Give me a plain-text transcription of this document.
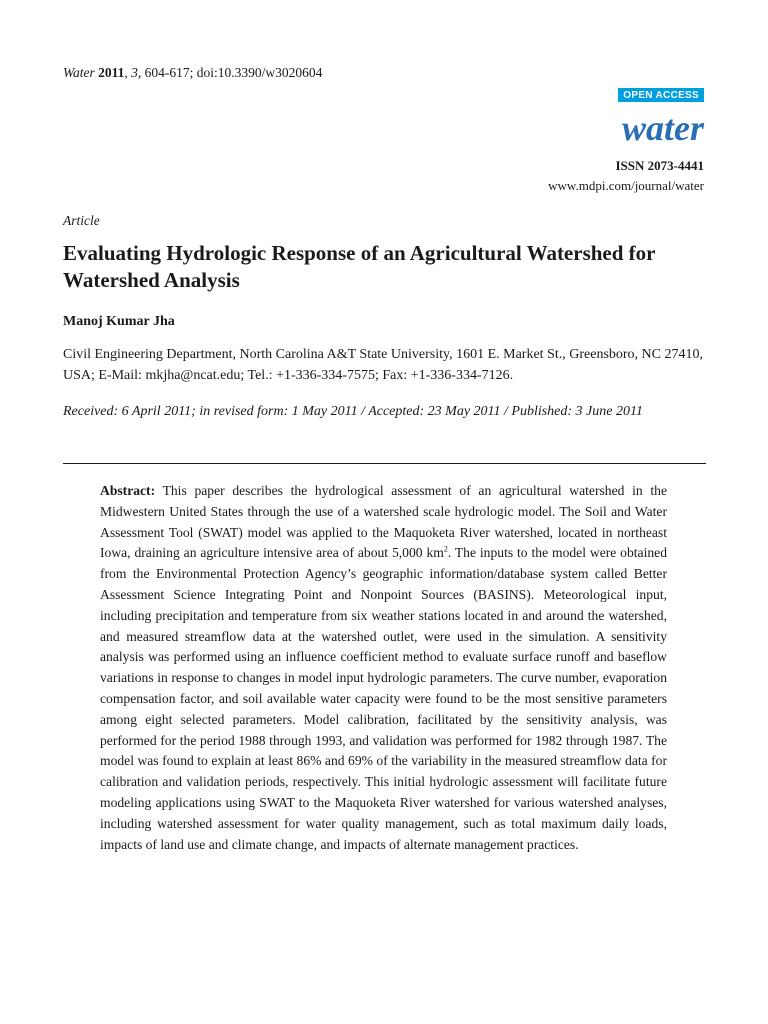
Water 2011, 3, 604-617; doi:10.3390/w3020604
OPEN ACCESS
water
ISSN 2073-4441
www.mdpi.com/journal/water
Article
Evaluating Hydrologic Response of an Agricultural Watershed for Watershed Analysis
Manoj Kumar Jha
Civil Engineering Department, North Carolina A&T State University, 1601 E. Market St., Greensboro, NC 27410, USA; E-Mail: mkjha@ncat.edu; Tel.: +1-336-334-7575; Fax: +1-336-334-7126.
Received: 6 April 2011; in revised form: 1 May 2011 / Accepted: 23 May 2011 / Published: 3 June 2011
Abstract: This paper describes the hydrological assessment of an agricultural watershed in the Midwestern United States through the use of a watershed scale hydrologic model. The Soil and Water Assessment Tool (SWAT) model was applied to the Maquoketa River watershed, located in northeast Iowa, draining an agriculture intensive area of about 5,000 $km^2$. The inputs to the model were obtained from the Environmental Protection Agency’s geographic information/database system called Better Assessment Science Integrating Point and Nonpoint Sources (BASINS). Meteorological input, including precipitation and temperature from six weather stations located in and around the watershed, and measured streamflow data at the watershed outlet, were used in the simulation. A sensitivity analysis was performed using an influence coefficient method to evaluate surface runoff and baseflow variations in response to changes in model input hydrologic parameters. The curve number, evaporation compensation factor, and soil available water capacity were found to be the most sensitive parameters among eight selected parameters. Model calibration, facilitated by the sensitivity analysis, was performed for the period 1988 through 1993, and validation was performed for 1982 through 1987. The model was found to explain at least 86% and 69% of the variability in the measured streamflow data for calibration and validation periods, respectively. This initial hydrologic assessment will facilitate future modeling applications using SWAT to the Maquoketa River watershed for various watershed analyses, including watershed assessment for water quality management, such as total maximum daily loads, impacts of land use and climate change, and impacts of alternate management practices.
